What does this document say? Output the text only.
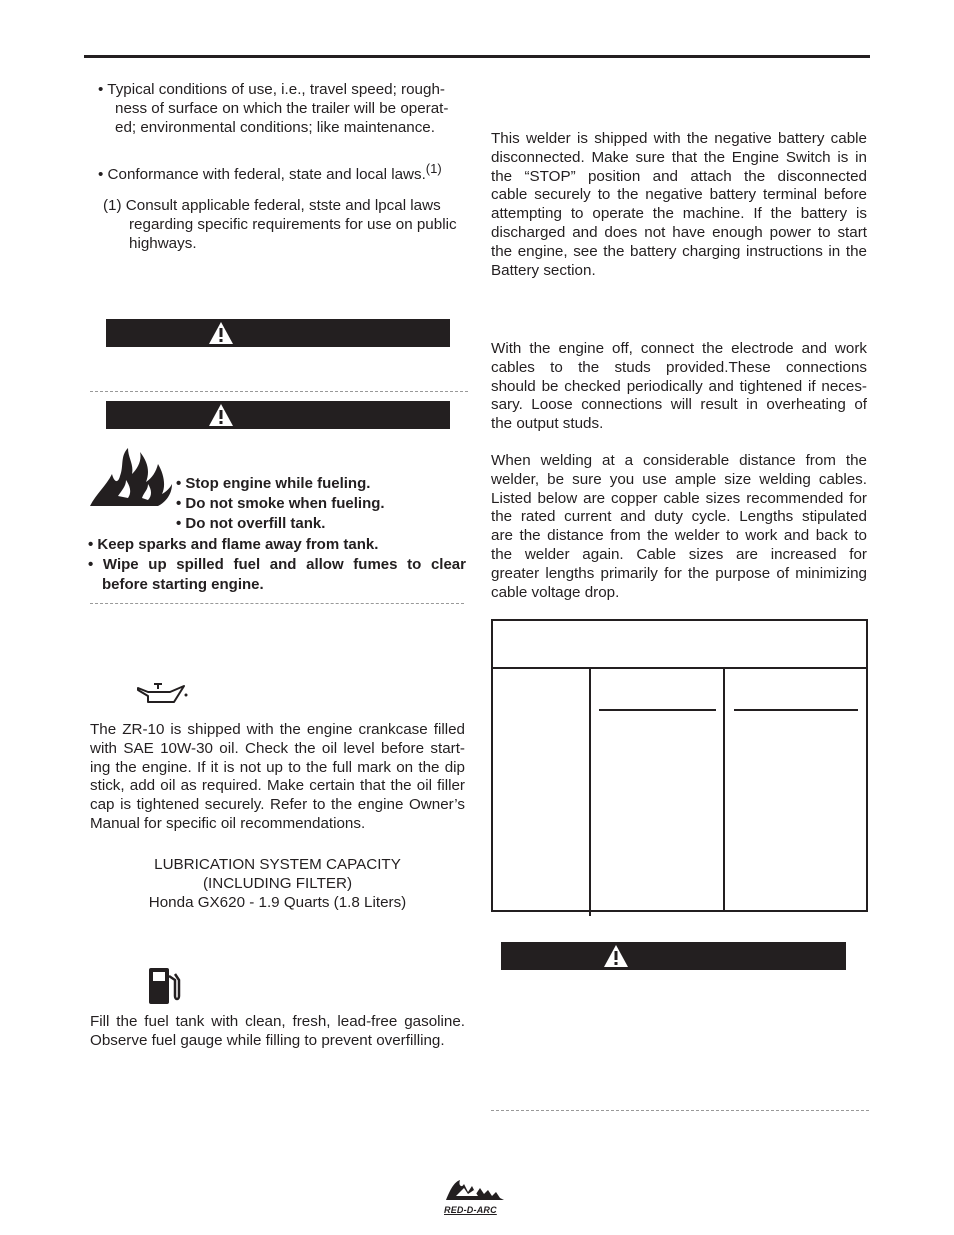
• Typical conditions of use, i.e., travel speed; rough-
ness of surface on which the trailer will be operat-
ed; environmental conditions; like maintenance.
• Conformance with federal, state and local laws.$^{(1)}$
(1) Consult applicable federal, stste and lpcal laws
regarding specific requirements for use on public
highways.
• Stop engine while fueling.
• Do not smoke when fueling.
• Do not overfill tank.
• Keep sparks and flame away from tank.
• Wipe up spilled fuel and allow fumes to clear
before starting engine.
The ZR-10 is shipped with the engine crankcase filled
with SAE 10W-30 oil. Check the oil level before start-
ing the engine. If it is not up to the full mark on the dip
stick, add oil as required. Make certain that the oil filler
cap is tightened securely. Refer to the engine Owner’s
Manual for specific oil recommendations.
LUBRICATION SYSTEM CAPACITY
(INCLUDING FILTER)
Honda GX620 - 1.9 Quarts (1.8 Liters)
Fill the fuel tank with clean, fresh, lead-free gasoline.
Observe fuel gauge while filling to prevent overfilling.
This welder is shipped with the negative battery cable
disconnected. Make sure that the Engine Switch is in
the “STOP” position and attach the disconnected
cable securely to the negative battery terminal before
attempting to operate the machine. If the battery is
discharged and does not have enough power to start
the engine, see the battery charging instructions in the
Battery section.
With the engine off, connect the electrode and work
cables to the studs provided.These connections
should be checked periodically and tightened if neces-
sary. Loose connections will result in overheating of
the output studs.
When welding at a considerable distance from the
welder, be sure you use ample size welding cables.
Listed below are copper cable sizes recommended for
the rated current and duty cycle. Lengths stipulated
are the distance from the welder to work and back to
the welder again. Cable sizes are increased for
greater lengths primarily for the purpose of minimizing
cable voltage drop.
RED-D-ARC
